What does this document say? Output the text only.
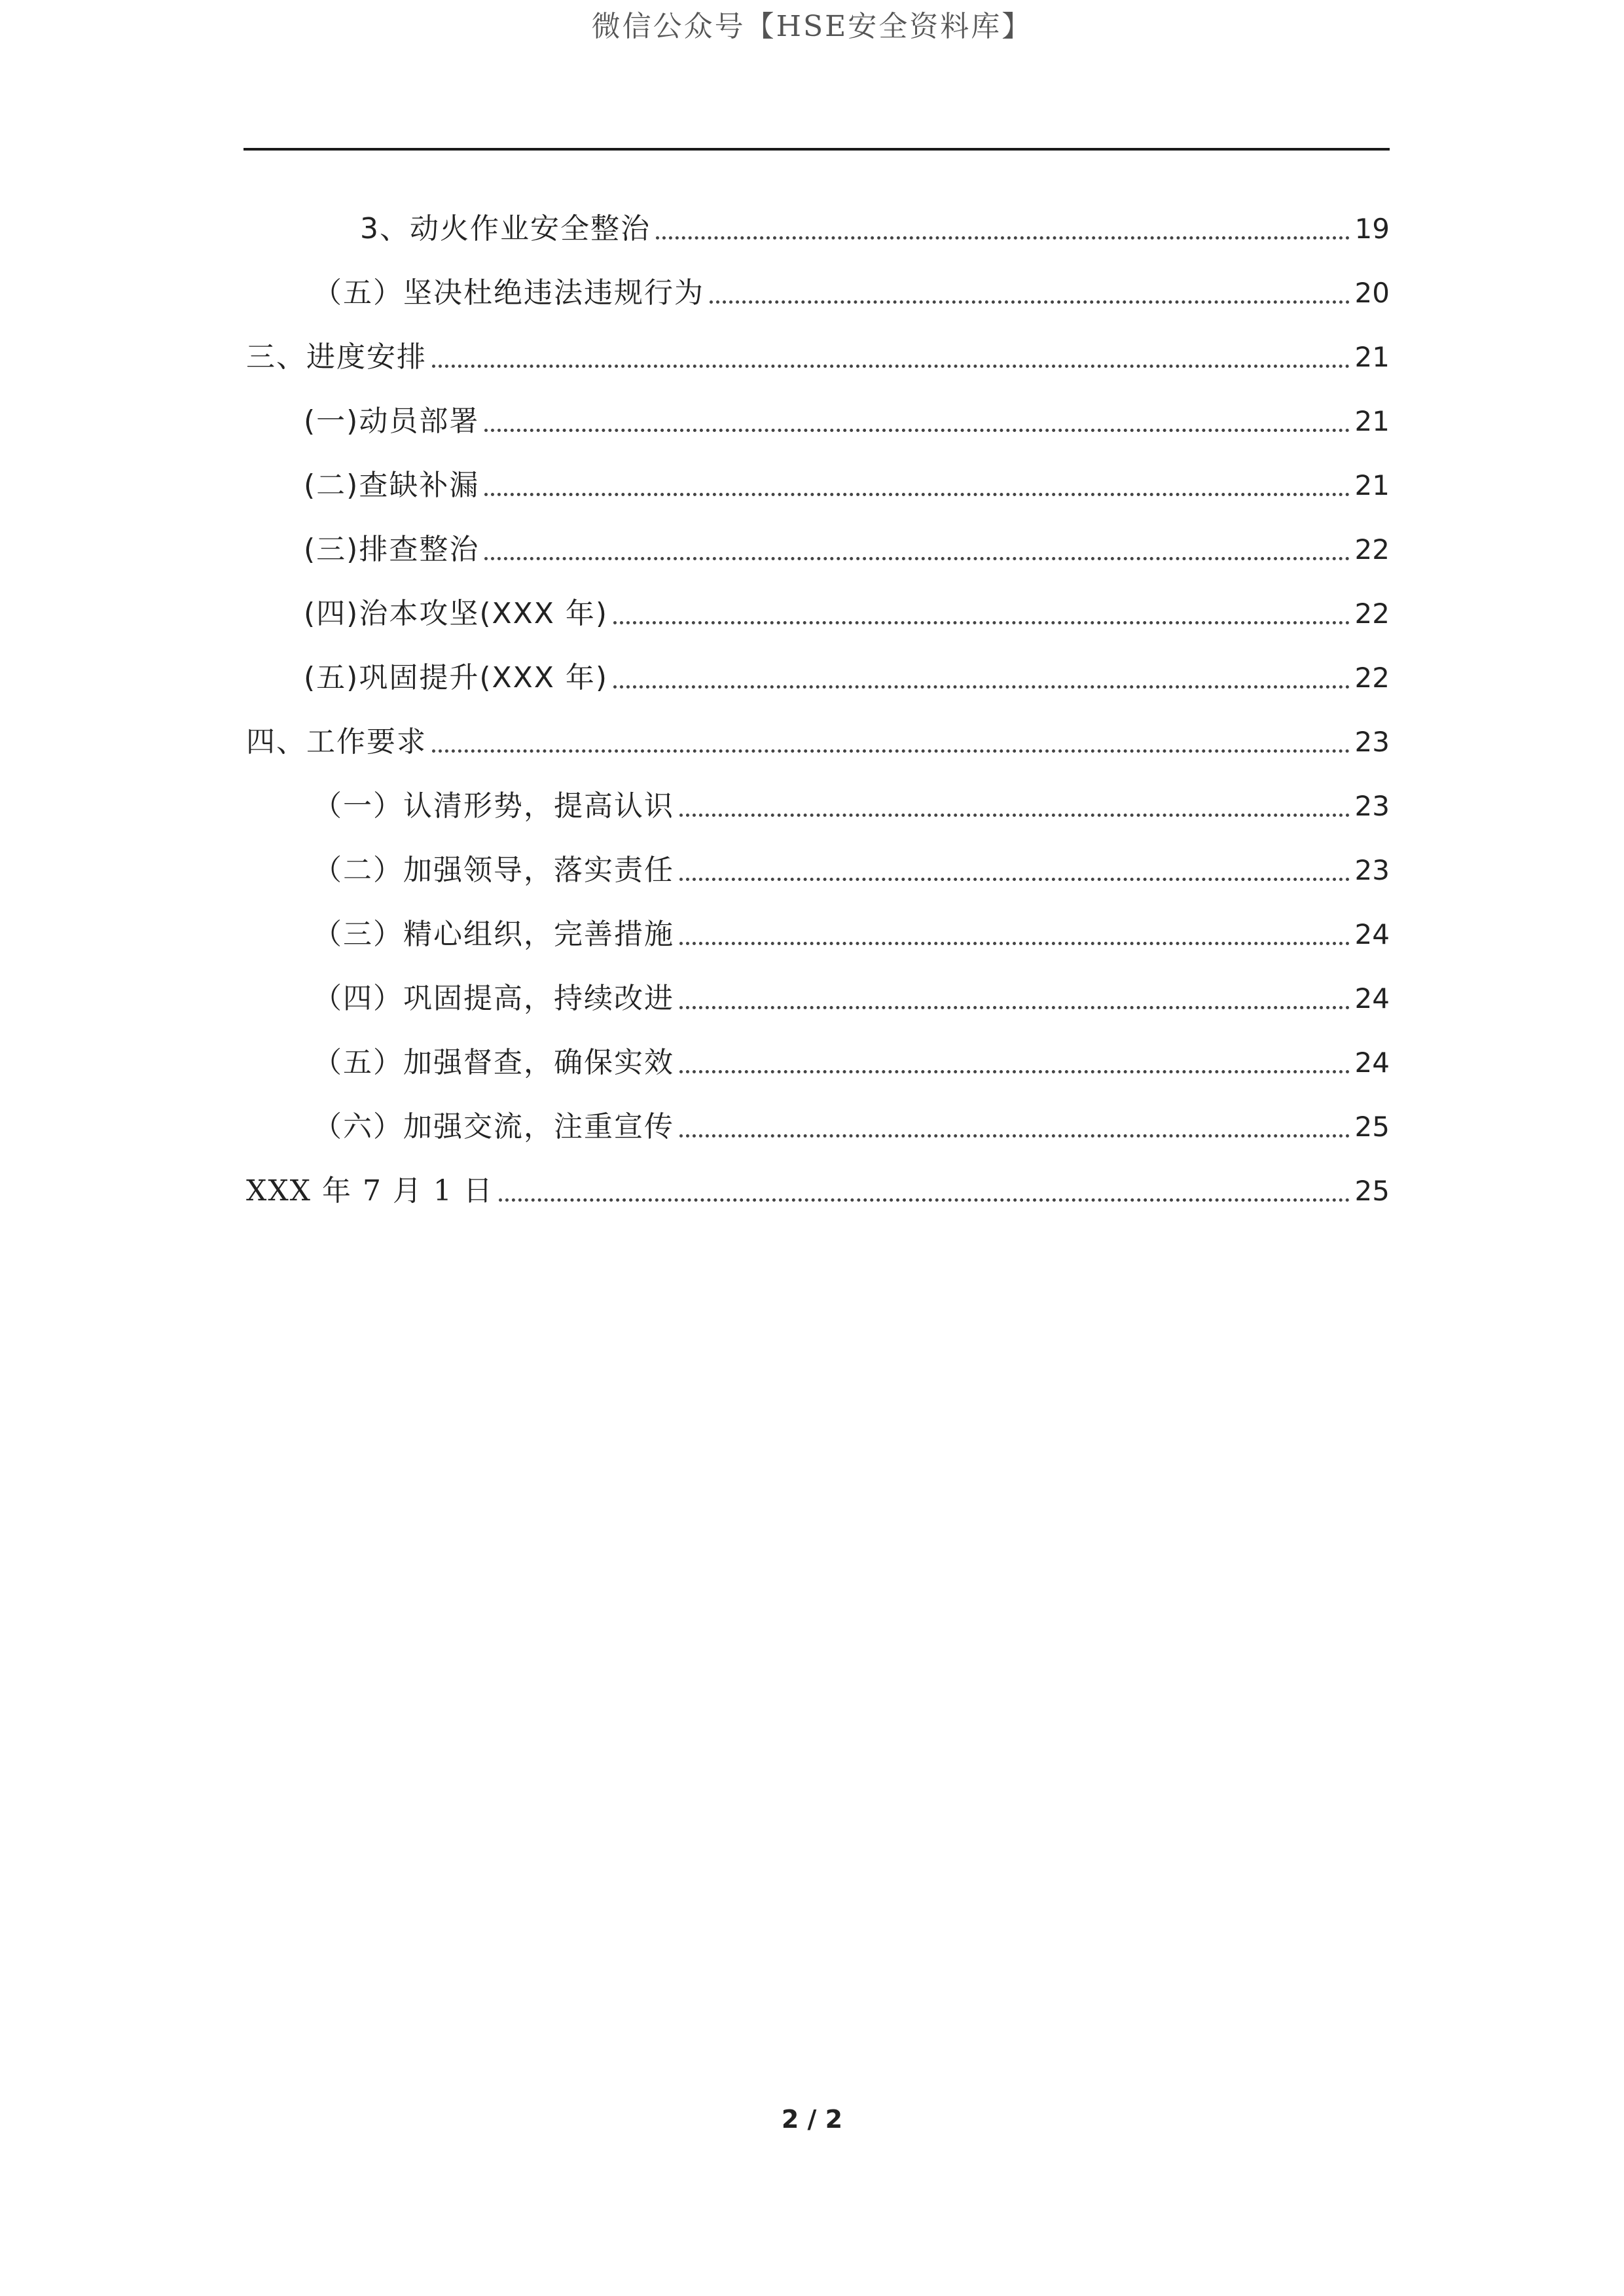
微信公众号【HSE安全资料库】
3、动火作业安全整治	19
（五）坚决杜绝违法违规行为	20
三、进度安排	21
(一)动员部署	21
(二)查缺补漏	21
(三)排查整治	22
(四)治本攻坚(XXX 年)	22
(五)巩固提升(XXX 年)	22
四、工作要求	23
（一）认清形势，提高认识	23
（二）加强领导，落实责任	23
（三）精心组织，完善措施	24
（四）巩固提高，持续改进	24
（五）加强督查，确保实效	24
（六）加强交流，注重宣传	25
XXX 年 7 月 1 日	25
2 / 2
